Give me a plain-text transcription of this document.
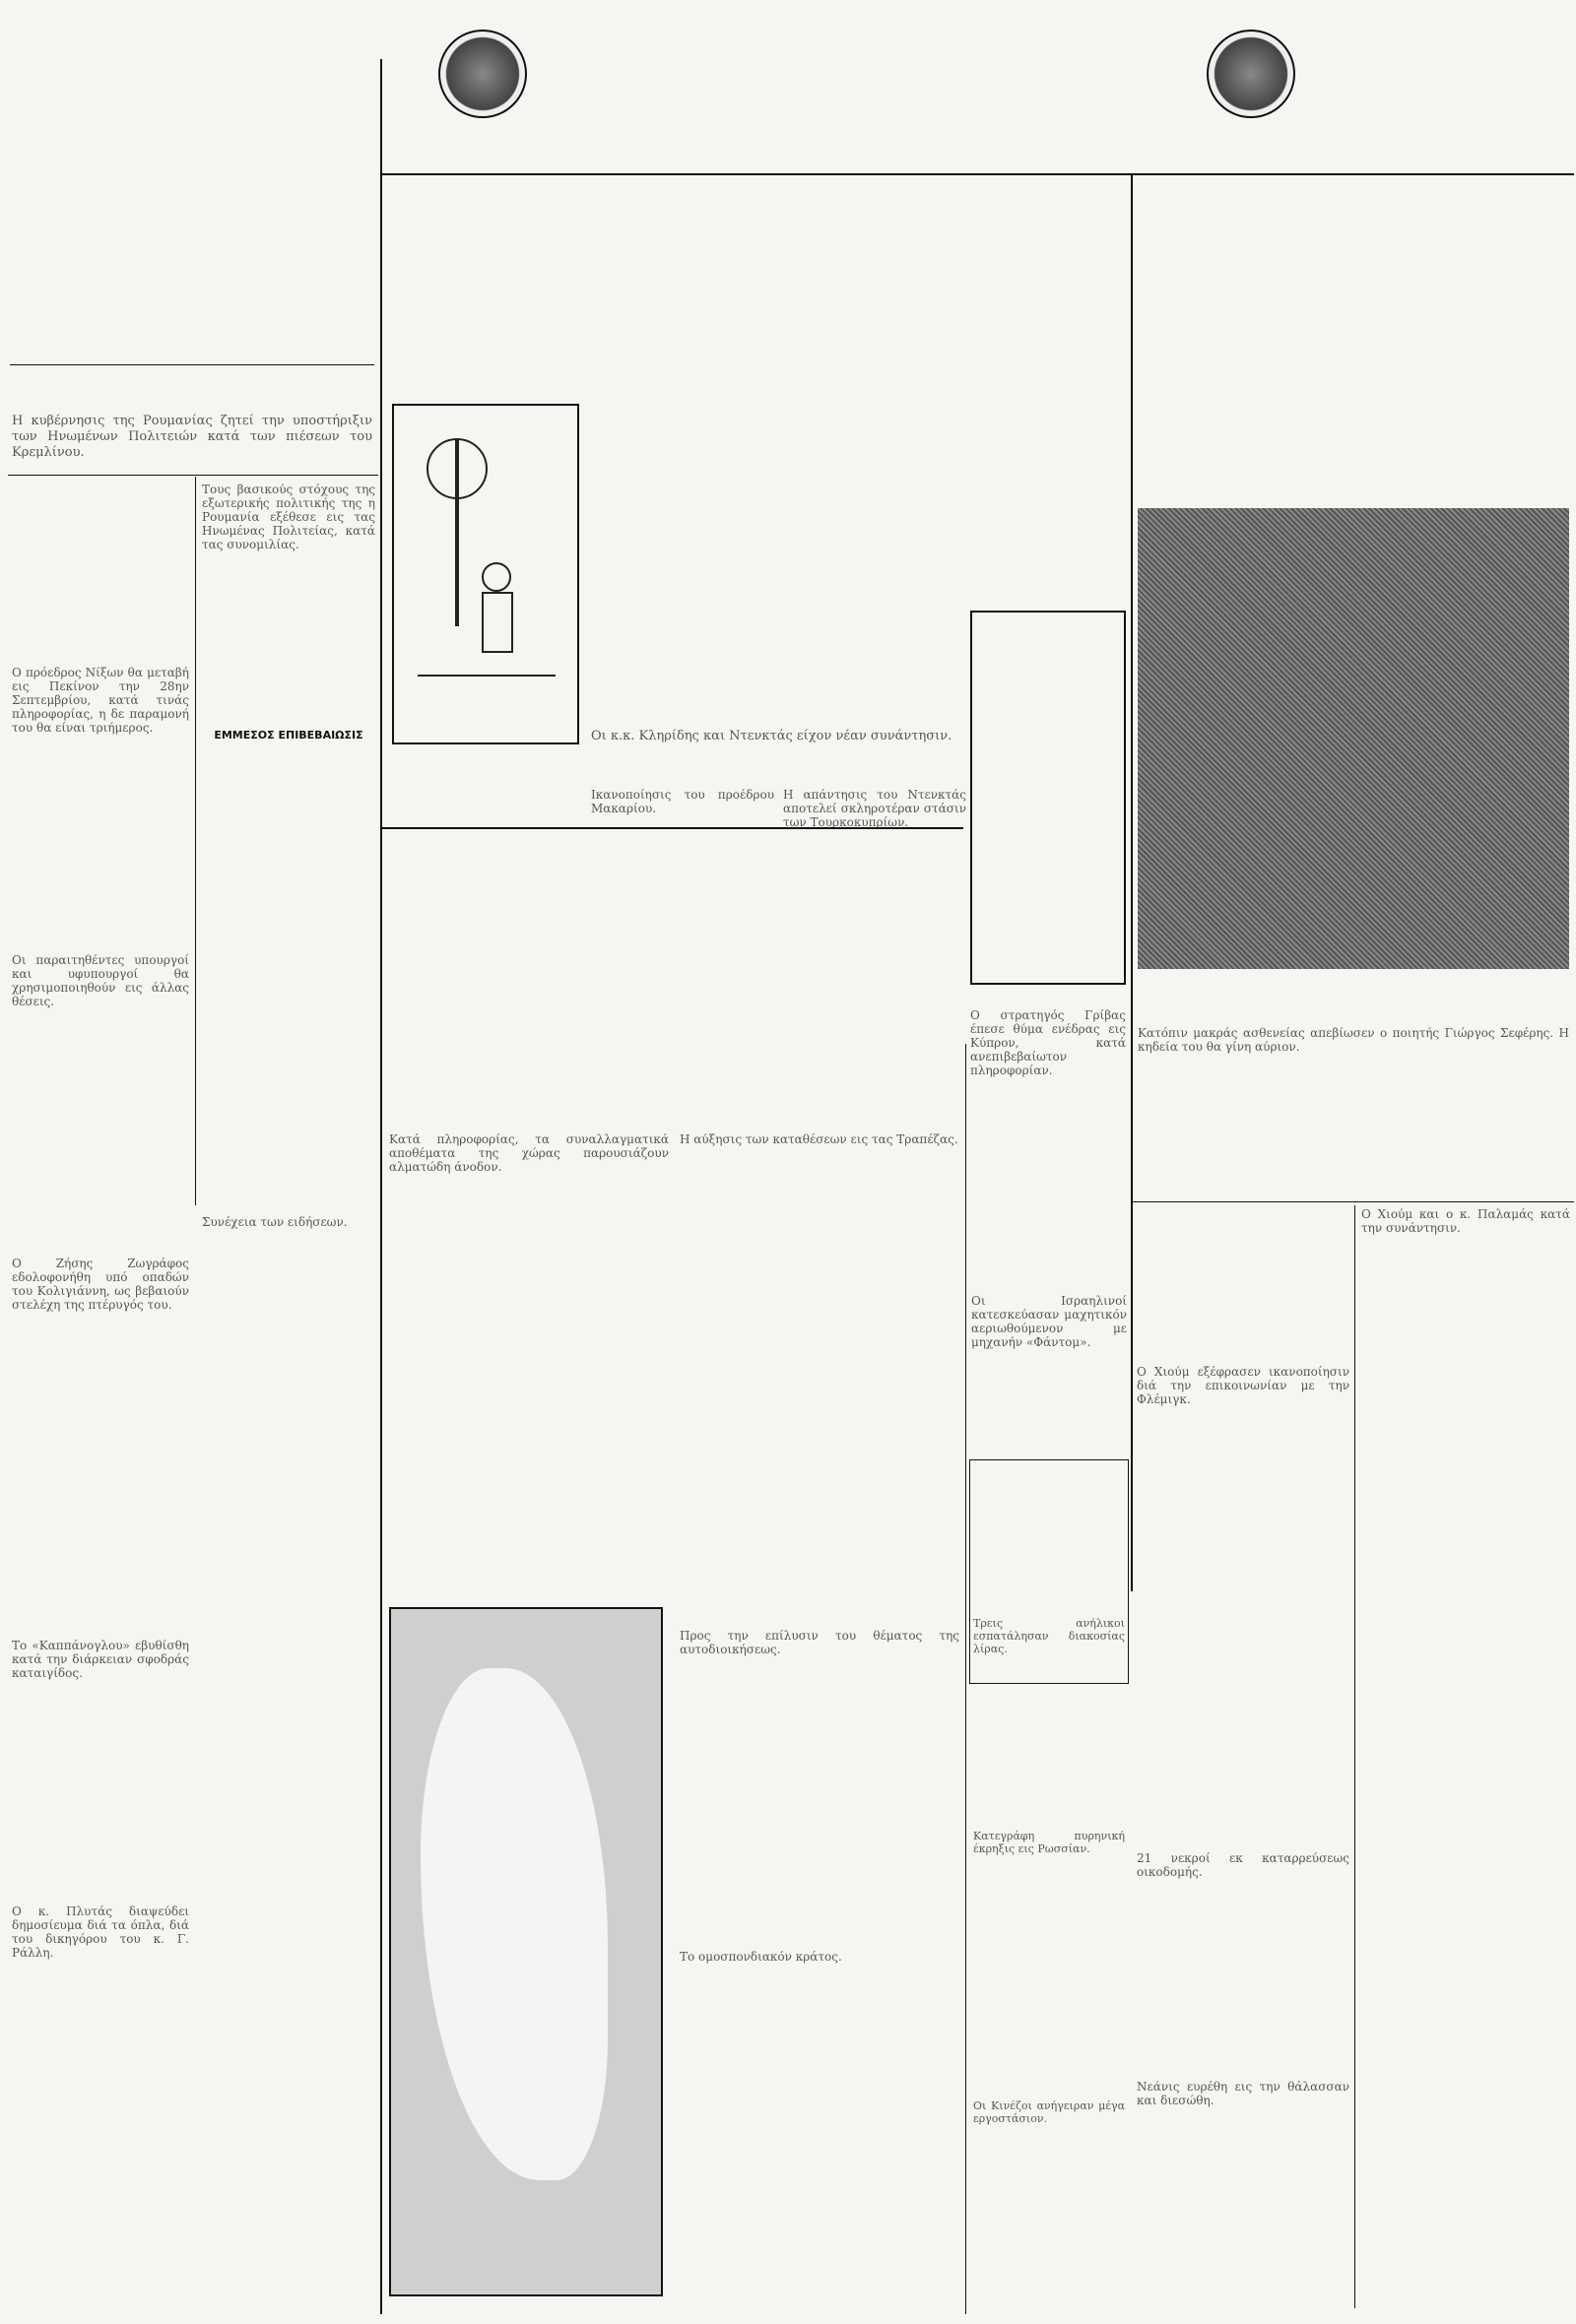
Η κυβέρνησις της Ρουμανίας ζητεί την υποστήριξιν των Ηνωμένων Πολιτειών κατά των πιέσεων του Κρεμλίνου.
Ο πρόεδρος Νίξων θα μεταβή εις Πεκίνον την 28ην Σεπτεμβρίου, κατά τινάς πληροφορίας, η δε παραμονή του θα είναι τριήμερος.
Τους βασικούς στόχους της εξωτερικής πολιτικής της η Ρουμανία εξέθεσε εις τας Ηνωμένας Πολιτείας, κατά τας συνομιλίας.
ΕΜΜΕΣΟΣ ΕΠΙΒΕΒΑΙΩΣΙΣ
Οι παραιτηθέντες υπουργοί και υφυπουργοί θα χρησιμοποιηθούν εις άλλας θέσεις.
Ο Ζήσης Ζωγράφος εδολοφονήθη υπό οπαδών του Κολιγιάννη, ως βεβαιούν στελέχη της πτέρυγός του.
Το «Καππάνογλου» εβυθίσθη κατά την διάρκειαν σφοδράς καταιγίδος.
Ο κ. Πλυτάς διαψεύδει δημοσίευμα διά τα όπλα, διά του δικηγόρου του κ. Γ. Ράλλη.
Συνέχεια των ειδήσεων.
Οι κ.κ. Κληρίδης και Ντενκτάς είχον νέαν συνάντησιν.
Ο στρατηγός Γρίβας έπεσε θύμα ενέδρας εις Κύπρον, κατά ανεπιβεβαίωτον πληροφορίαν.
Η απάντησις του Ντενκτάς αποτελεί σκληροτέραν στάσιν των Τουρκοκυπρίων.
Ικανοποίησις του προέδρου Μακαρίου.
Κατόπιν μακράς ασθενείας απεβίωσεν ο ποιητής Γιώργος Σεφέρης. Η κηδεία του θα γίνη αύριον.
Ο Χιούμ εξέφρασεν ικανοποίησιν διά την επικοινωνίαν με την Φλέμιγκ.
21 νεκροί εκ καταρρεύσεως οικοδομής.
Νεάνις ευρέθη εις την θάλασσαν και διεσώθη.
Ο Χιούμ και ο κ. Παλαμάς κατά την συνάντησιν.
Κατά πληροφορίας, τα συναλλαγματικά αποθέματα της χώρας παρουσιάζουν αλματώδη άνοδον.
Η αύξησις των καταθέσεων εις τας Τραπέζας.
Οι Ισραηλινοί κατεσκεύασαν μαχητικόν αεριωθούμενον με μηχανήν «Φάντομ».
Τρεις ανήλικοι εσπατάλησαν διακοσίας λίρας.
Κατεγράφη πυρηνική έκρηξις εις Ρωσσίαν.
Οι Κινέζοι ανήγειραν μέγα εργοστάσιον.
Προς την επίλυσιν του θέματος της αυτοδιοικήσεως.
Το ομοσπονδιακόν κράτος.
